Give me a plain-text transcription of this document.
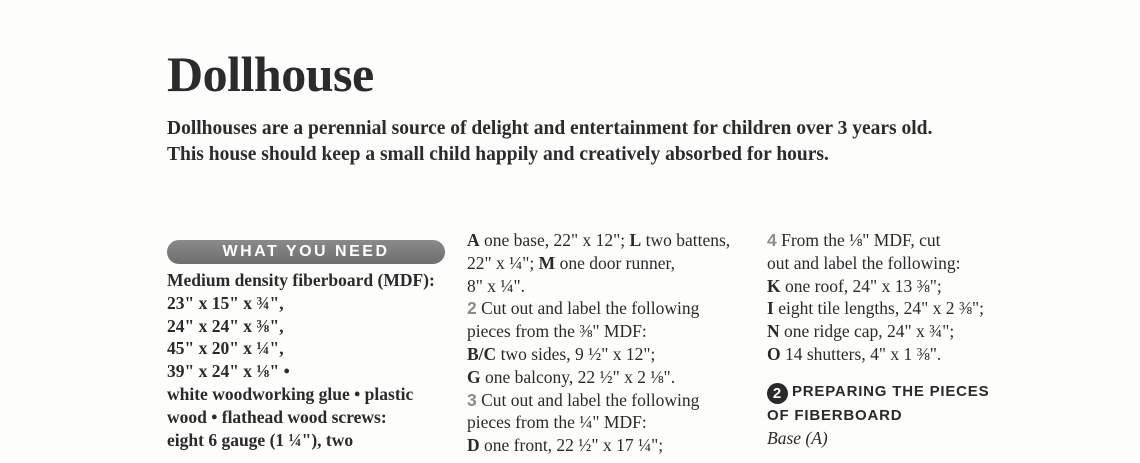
Dollhouse
Dollhouses are a perennial source of delight and entertainment for children over 3 years old.
This house should keep a small child happily and creatively absorbed for hours.
WHAT YOU NEED

Medium density fiberboard (MDF):

23" x 15" x ¾",

24" x 24" x ⅜",

45" x 20" x ¼",

39" x 24" x ⅛" •

white woodworking glue • plastic

wood • flathead wood screws:

eight 6 gauge (1 ¼"), two

A one base, 22" x 12"; L two battens,

22" x ¼"; M one door runner,

8" x ¼".

2 Cut out and label the following

pieces from the ⅜" MDF:

B/C two sides, 9 ½" x 12";

G one balcony, 22 ½" x 2 ⅛".

3 Cut out and label the following

pieces from the ¼" MDF:

D one front, 22 ½" x 17 ¼";

4 From the ⅛" MDF, cut

out and label the following:

K one roof, 24" x 13 ⅜";

I eight tile lengths, 24" x 2 ⅜";

N one ridge cap, 24" x ¾";

O 14 shutters, 4" x 1 ⅜".

2 PREPARING THE PIECES
OF FIBERBOARD

Base (A)
